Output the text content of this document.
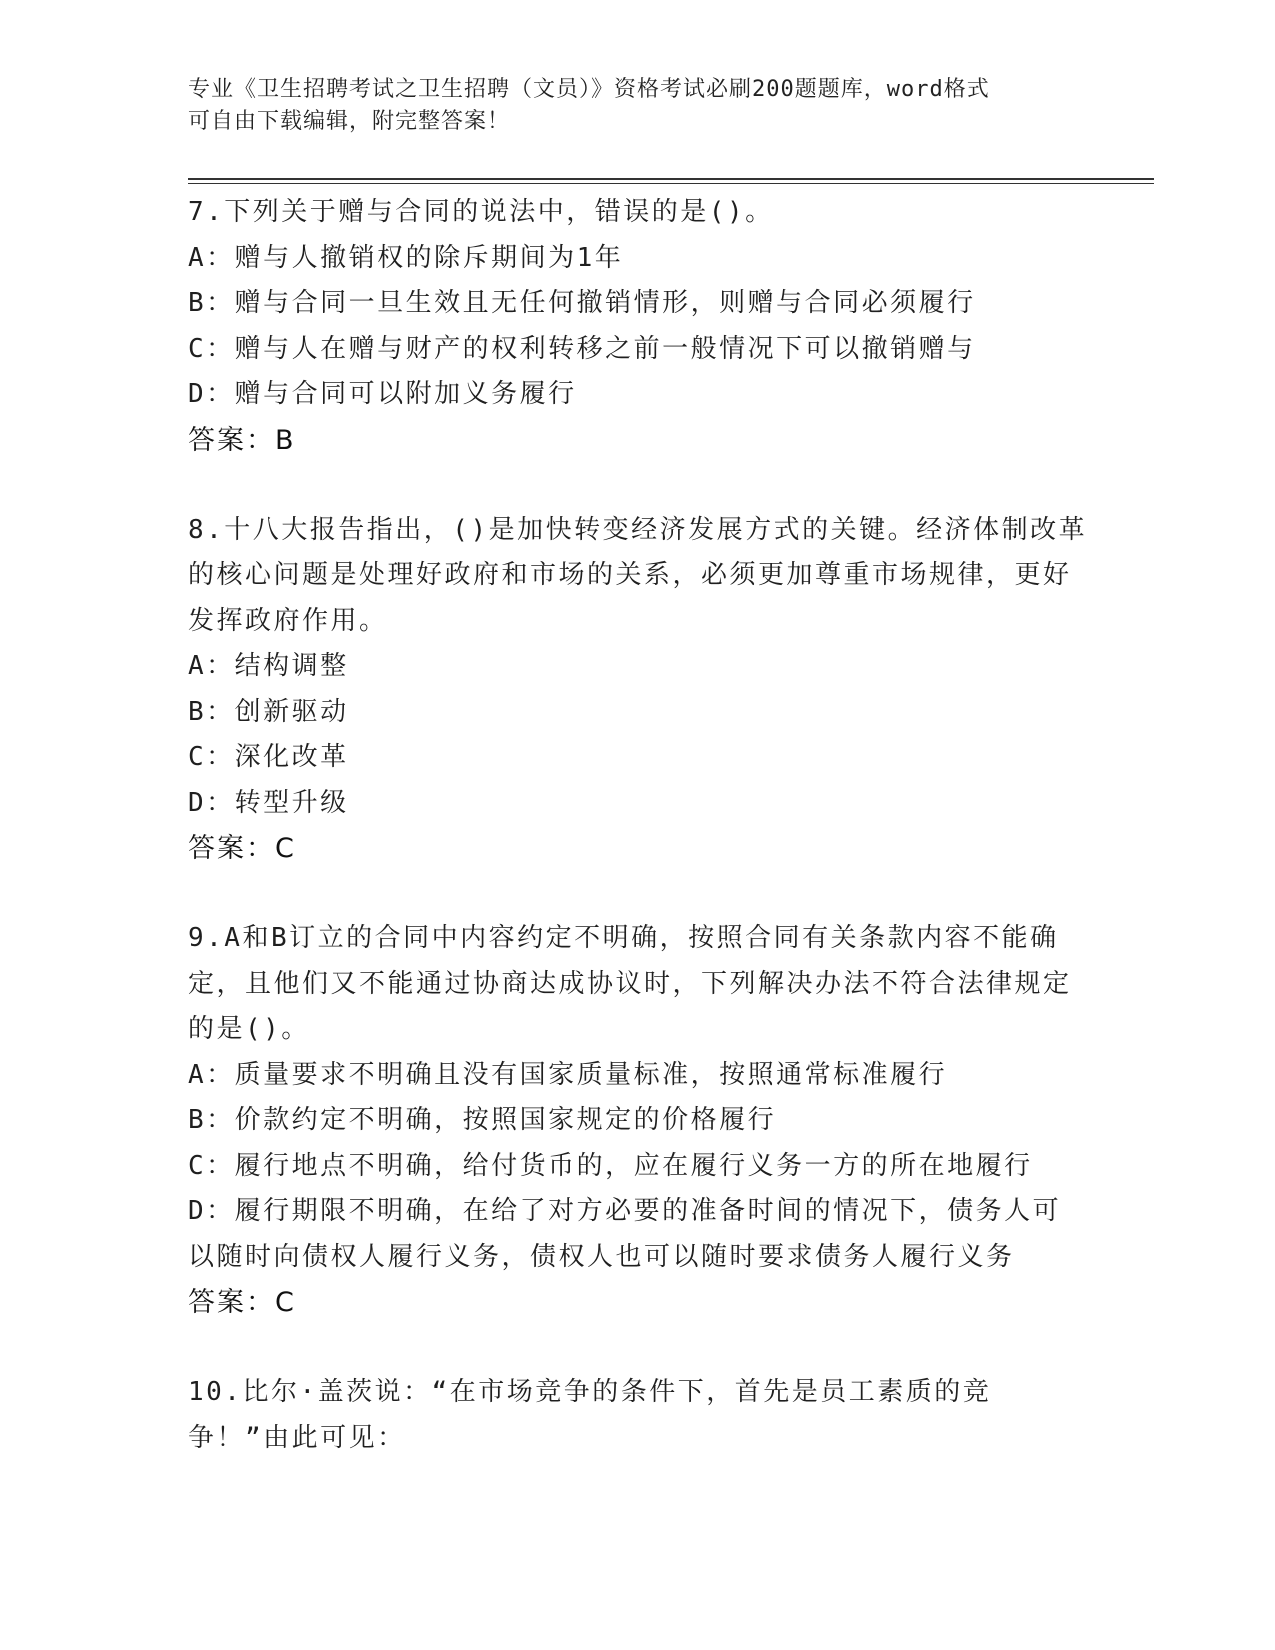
专业《卫生招聘考试之卫生招聘（文员）》资格考试必刷200题题库，word格式
可自由下载编辑，附完整答案！
7.下列关于赠与合同的说法中，错误的是()。
A：赠与人撤销权的除斥期间为1年
B：赠与合同一旦生效且无任何撤销情形，则赠与合同必须履行
C：赠与人在赠与财产的权利转移之前一般情况下可以撤销赠与
D：赠与合同可以附加义务履行
答案：B
8.十八大报告指出，()是加快转变经济发展方式的关键。经济体制改革的核心问题是处理好政府和市场的关系，必须更加尊重市场规律，更好发挥政府作用。
A：结构调整
B：创新驱动
C：深化改革
D：转型升级
答案：C
9.A和B订立的合同中内容约定不明确，按照合同有关条款内容不能确定，且他们又不能通过协商达成协议时，下列解决办法不符合法律规定的是()。
A：质量要求不明确且没有国家质量标准，按照通常标准履行
B：价款约定不明确，按照国家规定的价格履行
C：履行地点不明确，给付货币的，应在履行义务一方的所在地履行
D：履行期限不明确，在给了对方必要的准备时间的情况下，债务人可以随时向债权人履行义务，债权人也可以随时要求债务人履行义务
答案：C
10.比尔·盖茨说：“在市场竞争的条件下，首先是员工素质的竞争！”由此可见：
